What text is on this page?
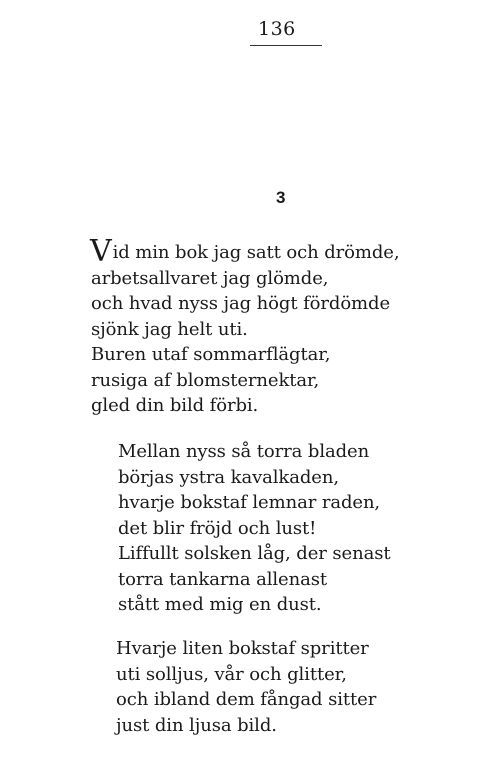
136
3
Vid min bok jag satt och drömde,
arbetsallvaret jag glömde,
och hvad nyss jag högt fördömde
sjönk jag helt uti.
Buren utaf sommarflägtar,
rusiga af blomsternektar,
gled din bild förbi.
Mellan nyss så torra bladen
börjas ystra kavalkaden,
hvarje bokstaf lemnar raden,
det blir fröjd och lust!
Liffullt solsken låg, der senast
torra tankarna allenast
stått med mig en dust.
Hvarje liten bokstaf spritter
uti solljus, vår och glitter,
och ibland dem fångad sitter
just din ljusa bild.
